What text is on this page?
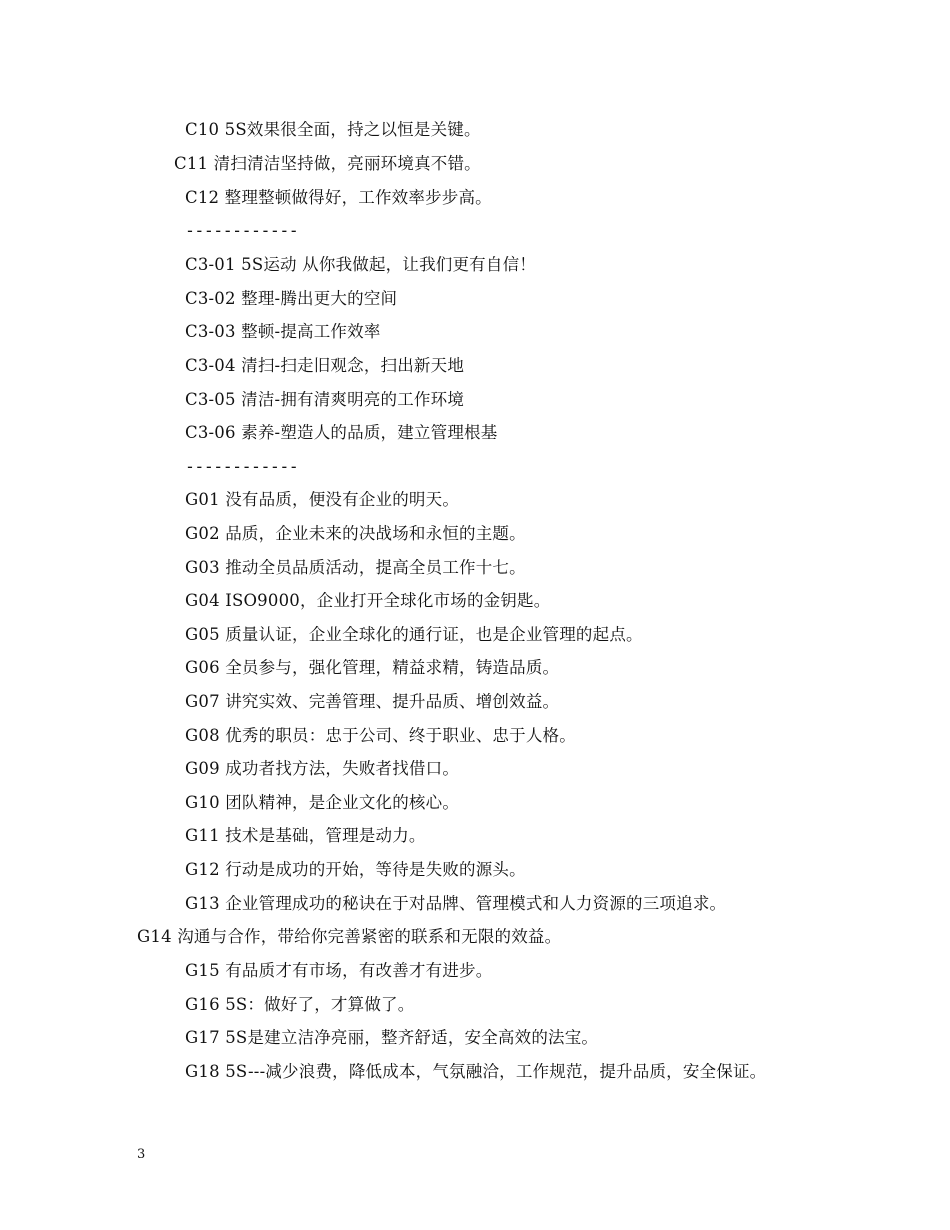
C10 5S效果很全面，持之以恒是关键。
C11 清扫清洁坚持做，亮丽环境真不错。
C12 整理整顿做得好，工作效率步步高。
------------
C3-01 5S运动 从你我做起，让我们更有自信！
C3-02 整理-腾出更大的空间
C3-03 整顿-提高工作效率
C3-04 清扫-扫走旧观念，扫出新天地
C3-05 清洁-拥有清爽明亮的工作环境
C3-06 素养-塑造人的品质，建立管理根基
------------
G01 没有品质，便没有企业的明天。
G02 品质，企业未来的决战场和永恒的主题。
G03 推动全员品质活动，提高全员工作十七。
G04 ISO9000，企业打开全球化市场的金钥匙。
G05 质量认证，企业全球化的通行证，也是企业管理的起点。
G06 全员参与，强化管理，精益求精，铸造品质。
G07 讲究实效、完善管理、提升品质、增创效益。
G08 优秀的职员：忠于公司、终于职业、忠于人格。
G09 成功者找方法，失败者找借口。
G10 团队精神，是企业文化的核心。
G11 技术是基础，管理是动力。
G12 行动是成功的开始，等待是失败的源头。
G13 企业管理成功的秘诀在于对品牌、管理模式和人力资源的三项追求。
G14 沟通与合作，带给你完善紧密的联系和无限的效益。
G15 有品质才有市场，有改善才有进步。
G16 5S：做好了，才算做了。
G17 5S是建立洁净亮丽，整齐舒适，安全高效的法宝。
G18 5S---减少浪费，降低成本，气氛融洽，工作规范，提升品质，安全保证。
3
